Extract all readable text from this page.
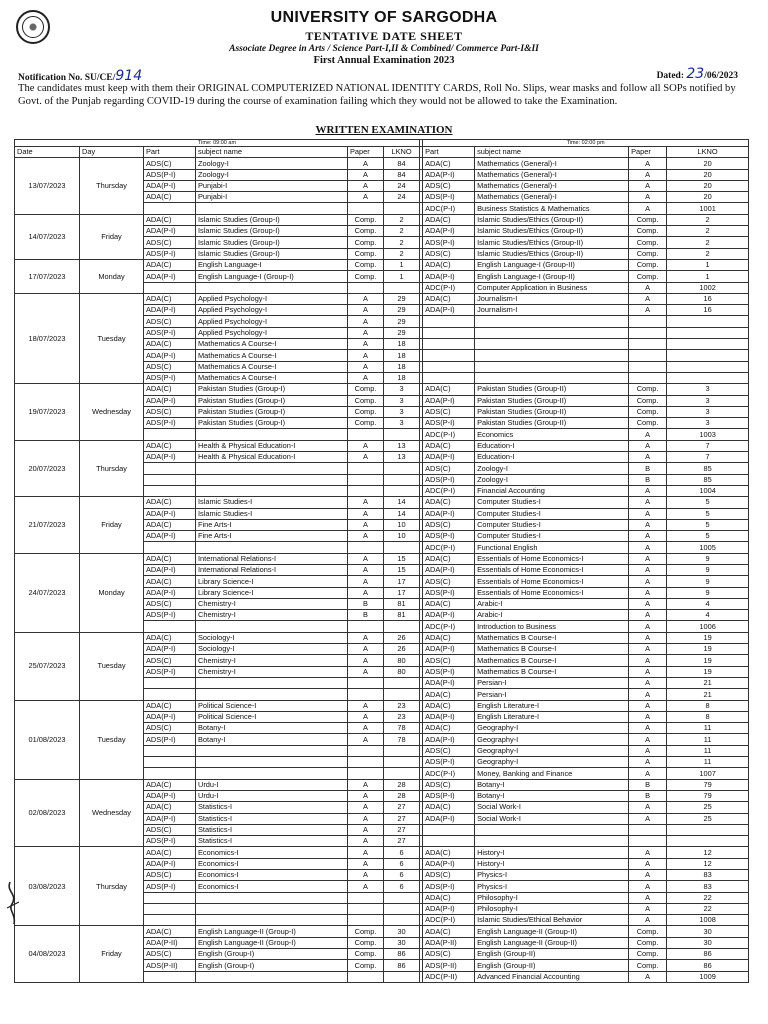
UNIVERSITY OF SARGODHA
TENTATIVE DATE SHEET
Associate Degree in Arts / Science Part-I,II & Combined/ Commerce Part-I&II
First Annual Examination 2023
Notification No. SU/CE/914	Dated: 23/06/2023
The candidates must keep with them their ORIGINAL COMPUTERIZED NATIONAL IDENTITY CARDS, Roll No. Slips, wear masks and follow all SOPs notified by Govt. of the Punjab regarding COVID-19 during the course of examination failing which they would not be allowed to take the Examination.
WRITTEN EXAMINATION
Time: 09:00 am							Time: 02:00 pm			
Date	Day	Part	subject name	Paper	LKNO		Part	subject name	Paper	LKNO
13/07/2023	Thursday	ADS(C)	Zoology-I	A	84		ADA(C)	Mathematics (General)-I	A	20
		ADS(P-I)	Zoology-I	A	84		ADA(P-I)	Mathematics (General)-I	A	20
		ADA(P-I)	Punjabi-I	A	24		ADS(C)	Mathematics (General)-I	A	20
		ADA(C)	Punjabi-I	A	24		ADS(P-I)	Mathematics (General)-I	A	20
							ADC(P-I)	Business Statistics & Mathematics	A	1001
14/07/2023	Friday	ADA(C)	Islamic Studies (Group-I)	Comp.	2		ADA(C)	Islamic Studies/Ethics (Group-II)	Comp.	2
		ADA(P-I)	Islamic Studies (Group-I)	Comp.	2		ADA(P-I)	Islamic Studies/Ethics (Group-II)	Comp.	2
		ADS(C)	Islamic Studies (Group-I)	Comp.	2		ADS(P-I)	Islamic Studies/Ethics (Group-II)	Comp.	2
		ADS(P-I)	Islamic Studies (Group-I)	Comp.	2		ADS(C)	Islamic Studies/Ethics (Group-II)	Comp.	2
17/07/2023	Monday	ADA(C)	English Language-I	Comp.	1		ADA(C)	English Language-I (Group-II)	Comp.	1
		ADA(P-I)	English Language-I (Group-I)	Comp.	1		ADA(P-I)	English Language-I (Group-II)	Comp.	1
							ADC(P-I)	Computer Application in Business	A	1002
18/07/2023	Tuesday	ADA(C)	Applied Psychology-I	A	29		ADA(C)	Journalism-I	A	16
		ADA(P-I)	Applied Psychology-I	A	29		ADA(P-I)	Journalism-I	A	16
		ADS(C)	Applied Psychology-I	A	29					
		ADS(P-I)	Applied Psychology-I	A	29					
		ADA(C)	Mathematics A Course-I	A	18					
		ADA(P-I)	Mathematics A Course-I	A	18					
		ADS(C)	Mathematics A Course-I	A	18					
		ADS(P-I)	Mathematics A Course-I	A	18					
19/07/2023	Wednesday	ADA(C)	Pakistan Studies (Group-I)	Comp.	3		ADA(C)	Pakistan Studies (Group-II)	Comp.	3
		ADA(P-I)	Pakistan Studies (Group-I)	Comp.	3		ADA(P-I)	Pakistan Studies (Group-II)	Comp.	3
		ADS(C)	Pakistan Studies (Group-I)	Comp.	3		ADS(C)	Pakistan Studies (Group-II)	Comp.	3
		ADS(P-I)	Pakistan Studies (Group-I)	Comp.	3		ADS(P-I)	Pakistan Studies (Group-II)	Comp.	3
							ADC(P-I)	Economics	A	1003
20/07/2023	Thursday	ADA(C)	Health & Physical Education-I	A	13		ADA(C)	Education-I	A	7
		ADA(P-I)	Health & Physical Education-I	A	13		ADA(P-I)	Education-I	A	7
							ADS(C)	Zoology-I	B	85
							ADS(P-I)	Zoology-I	B	85
							ADC(P-I)	Financial Accounting	A	1004
21/07/2023	Friday	ADA(C)	Islamic Studies-I	A	14		ADA(C)	Computer Studies-I	A	5
		ADA(P-I)	Islamic Studies-I	A	14		ADA(P-I)	Computer Studies-I	A	5
		ADA(C)	Fine Arts-I	A	10		ADS(C)	Computer Studies-I	A	5
		ADA(P-I)	Fine Arts-I	A	10		ADS(P-I)	Computer Studies-I	A	5
							ADC(P-I)	Functional English	A	1005
24/07/2023	Monday	ADA(C)	International Relations-I	A	15		ADA(C)	Essentials of Home Economics-I	A	9
		ADA(P-I)	International Relations-I	A	15		ADA(P-I)	Essentials of Home Economics-I	A	9
		ADA(C)	Library Science-I	A	17		ADS(C)	Essentials of Home Economics-I	A	9
		ADA(P-I)	Library Science-I	A	17		ADS(P-I)	Essentials of Home Economics-I	A	9
		ADS(C)	Chemistry-I	B	81		ADA(C)	Arabic-I	A	4
		ADS(P-I)	Chemistry-I	B	81		ADA(P-I)	Arabic-I	A	4
							ADC(P-I)	Introduction to Business	A	1006
25/07/2023	Tuesday	ADA(C)	Sociology-I	A	26		ADA(C)	Mathematics B Course-I	A	19
		ADA(P-I)	Sociology-I	A	26		ADA(P-I)	Mathematics B Course-I	A	19
		ADS(C)	Chemistry-I	A	80		ADS(C)	Mathematics B Course-I	A	19
		ADS(P-I)	Chemistry-I	A	80		ADS(P-I)	Mathematics B Course-I	A	19
							ADA(P-I)	Persian-I	A	21
							ADA(C)	Persian-I	A	21
01/08/2023	Tuesday	ADA(C)	Political Science-I	A	23		ADA(C)	English Literature-I	A	8
		ADA(P-I)	Political Science-I	A	23		ADA(P-I)	English Literature-I	A	8
		ADS(C)	Botany-I	A	78		ADA(C)	Geography-I	A	11
		ADS(P-I)	Botany-I	A	78		ADA(P-I)	Geography-I	A	11
							ADS(C)	Geography-I	A	11
							ADS(P-I)	Geography-I	A	11
							ADC(P-I)	Money, Banking and Finance	A	1007
02/08/2023	Wednesday	ADA(C)	Urdu-I	A	28		ADS(C)	Botany-I	B	79
		ADA(P-I)	Urdu-I	A	28		ADS(P-I)	Botany-I	B	79
		ADA(C)	Statistics-I	A	27		ADA(C)	Social Work-I	A	25
		ADA(P-I)	Statistics-I	A	27		ADA(P-I)	Social Work-I	A	25
		ADS(C)	Statistics-I	A	27					
		ADS(P-I)	Statistics-I	A	27					
03/08/2023	Thursday	ADA(C)	Economics-I	A	6		ADA(C)	History-I	A	12
		ADA(P-I)	Economics-I	A	6		ADA(P-I)	History-I	A	12
		ADS(C)	Economics-I	A	6		ADS(C)	Physics-I	A	83
		ADS(P-I)	Economics-I	A	6		ADS(P-I)	Physics-I	A	83
							ADA(C)	Philosophy-I	A	22
							ADA(P-I)	Philosophy-I	A	22
							ADC(P-I)	Islamic Studies/Ethical Behavior	A	1008
04/08/2023	Friday	ADA(C)	English Language-II (Group-I)	Comp.	30		ADA(C)	English Language-II (Group-II)	Comp.	30
		ADA(P-II)	English Language-II (Group-I)	Comp.	30		ADA(P-II)	English Language-II (Group-II)	Comp.	30
		ADS(C)	English (Group-I)	Comp.	86		ADS(C)	English (Group-II)	Comp.	86
		ADS(P-II)	English (Group-I)	Comp.	86		ADS(P-II)	English (Group-II)	Comp.	86
							ADC(P-II)	Advanced Financial Accounting	A	1009
